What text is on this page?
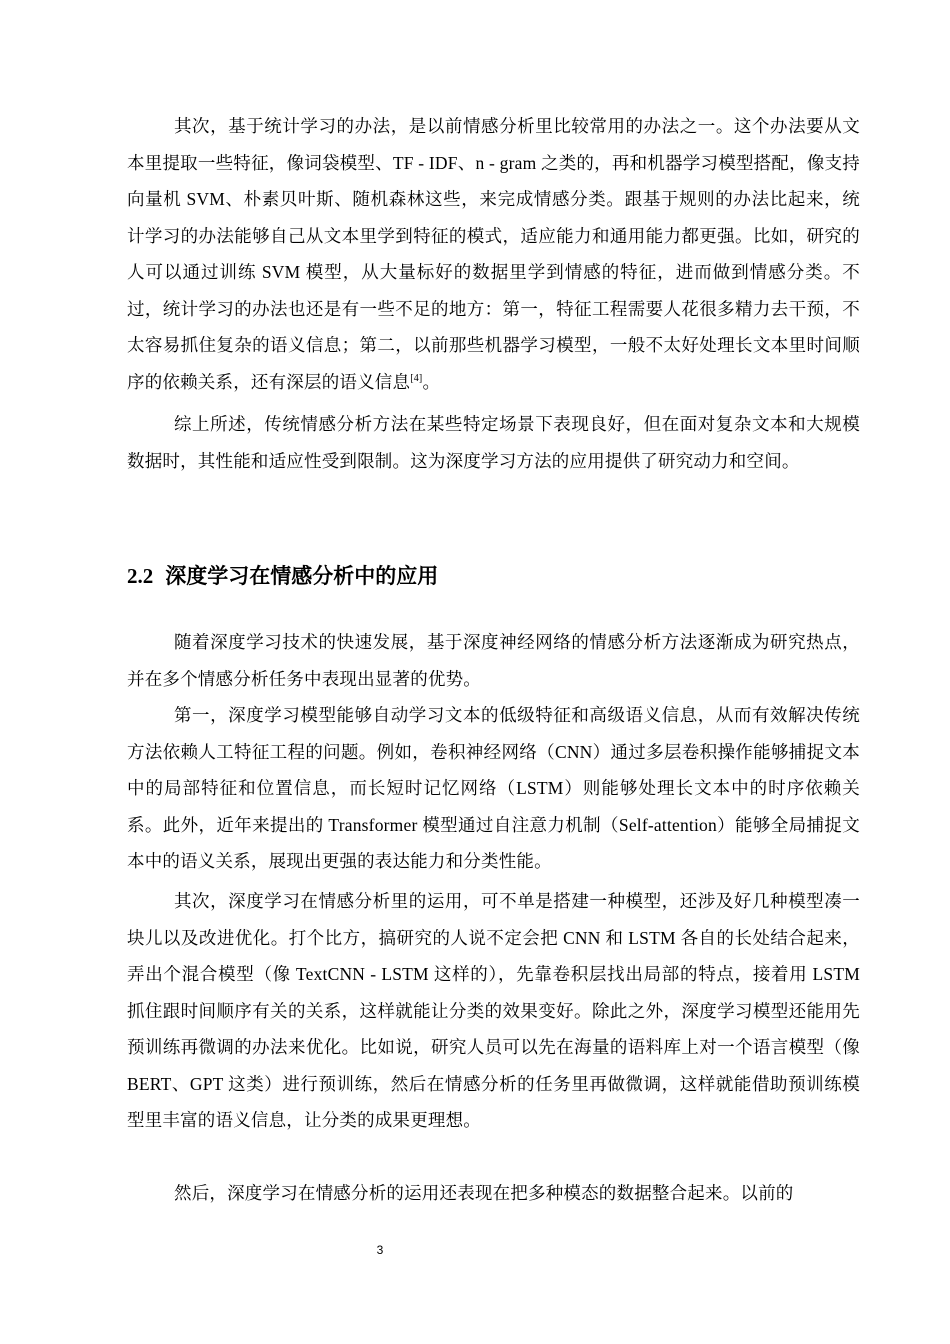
其次，基于统计学习的办法，是以前情感分析里比较常用的办法之一。这个办法要从文本里提取一些特征，像词袋模型、TF - IDF、n - gram 之类的，再和机器学习模型搭配，像支持向量机 SVM、朴素贝叶斯、随机森林这些，来完成情感分类。跟基于规则的办法比起来，统计学习的办法能够自己从文本里学到特征的模式，适应能力和通用能力都更强。比如，研究的人可以通过训练 SVM 模型，从大量标好的数据里学到情感的特征，进而做到情感分类。不过，统计学习的办法也还是有一些不足的地方：第一，特征工程需要人花很多精力去干预，不太容易抓住复杂的语义信息；第二，以前那些机器学习模型，一般不太好处理长文本里时间顺序的依赖关系，还有深层的语义信息[4]。

综上所述，传统情感分析方法在某些特定场景下表现良好，但在面对复杂文本和大规模数据时，其性能和适应性受到限制。这为深度学习方法的应用提供了研究动力和空间。

2.2 深度学习在情感分析中的应用

随着深度学习技术的快速发展，基于深度神经网络的情感分析方法逐渐成为研究热点，并在多个情感分析任务中表现出显著的优势。

第一，深度学习模型能够自动学习文本的低级特征和高级语义信息，从而有效解决传统方法依赖人工特征工程的问题。例如，卷积神经网络（CNN）通过多层卷积操作能够捕捉文本中的局部特征和位置信息，而长短时记忆网络（LSTM）则能够处理长文本中的时序依赖关系。此外，近年来提出的 Transformer 模型通过自注意力机制（Self-attention）能够全局捕捉文本中的语义关系，展现出更强的表达能力和分类性能。

其次，深度学习在情感分析里的运用，可不单是搭建一种模型，还涉及好几种模型凑一块儿以及改进优化。打个比方，搞研究的人说不定会把 CNN 和 LSTM 各自的长处结合起来，弄出个混合模型（像 TextCNN - LSTM 这样的），先靠卷积层找出局部的特点，接着用 LSTM 抓住跟时间顺序有关的关系，这样就能让分类的效果变好。除此之外，深度学习模型还能用先预训练再微调的办法来优化。比如说，研究人员可以先在海量的语料库上对一个语言模型（像 BERT、GPT 这类）进行预训练，然后在情感分析的任务里再做微调，这样就能借助预训练模型里丰富的语义信息，让分类的成果更理想。

然后，深度学习在情感分析的运用还表现在把多种模态的数据整合起来。以前的

3
